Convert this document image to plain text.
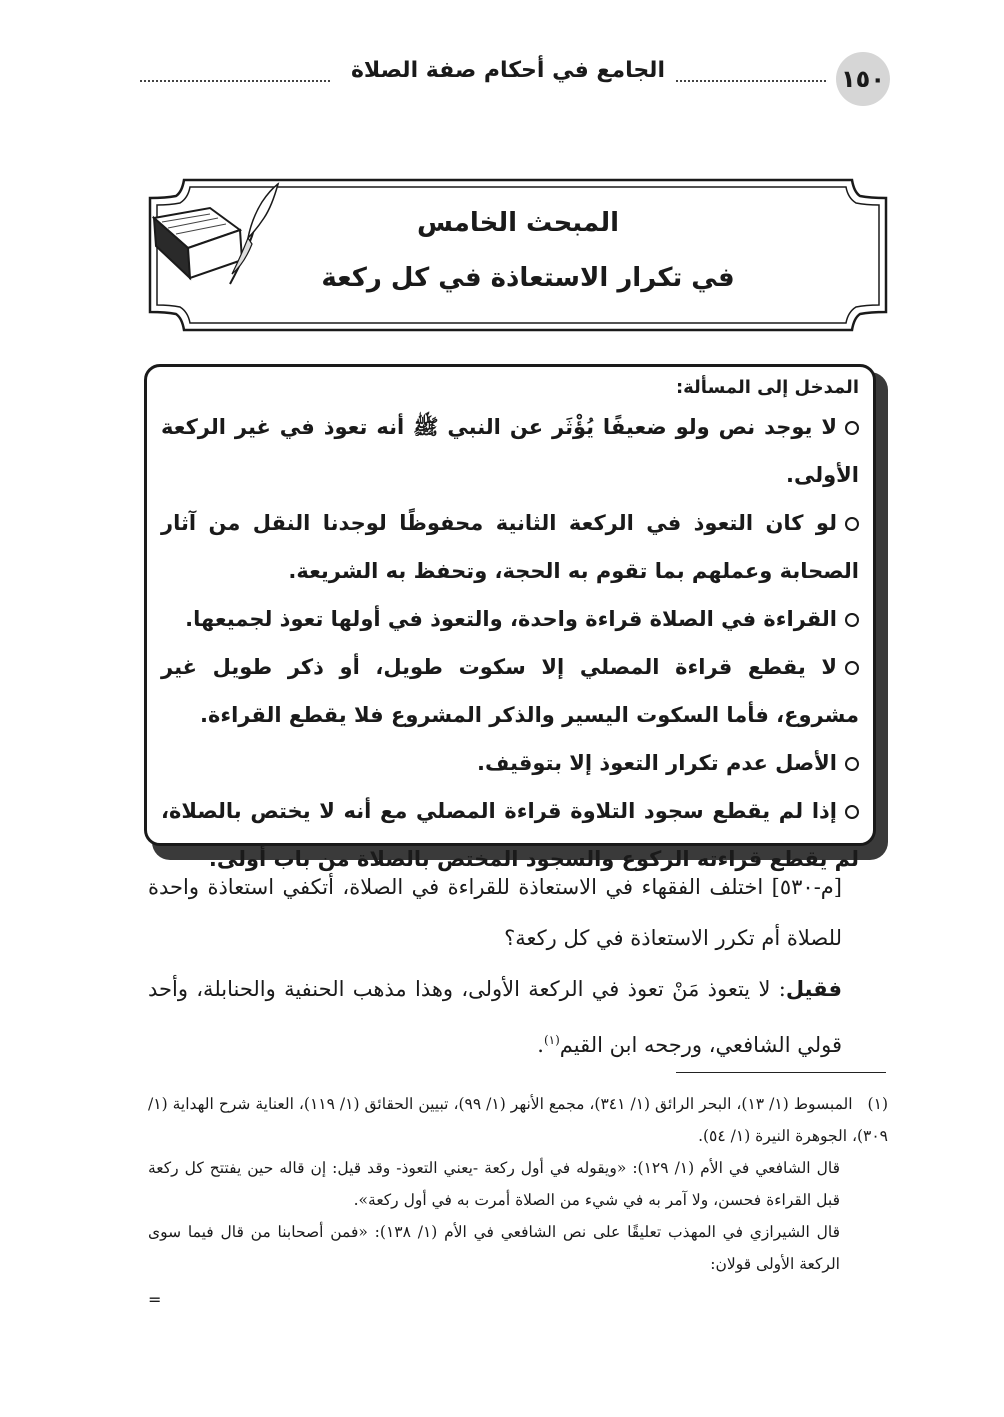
١٥٠
الجامع في أحكام صفة الصلاة
المبحث الخامس
في تكرار الاستعاذة في كل ركعة
المدخل إلى المسألة:

لا يوجد نص ولو ضعيفًا يُؤْثَر عن النبي ﷺ أنه تعوذ في غير الركعة الأولى.

لو كان التعوذ في الركعة الثانية محفوظًا لوجدنا النقل من آثار الصحابة وعملهم بما تقوم به الحجة، وتحفظ به الشريعة.

القراءة في الصلاة قراءة واحدة، والتعوذ في أولها تعوذ لجميعها.

لا يقطع قراءة المصلي إلا سكوت طويل، أو ذكر طويل غير مشروع، فأما السكوت اليسير والذكر المشروع فلا يقطع القراءة.

الأصل عدم تكرار التعوذ إلا بتوقيف.

إذا لم يقطع سجود التلاوة قراءة المصلي مع أنه لا يختص بالصلاة، لم يقطع قراءته الركوع والسجود المختص بالصلاة من باب أولى.

[م-٥٣٠] اختلف الفقهاء في الاستعاذة للقراءة في الصلاة، أتكفي استعاذة واحدة للصلاة أم تكرر الاستعاذة في كل ركعة؟

فقيل: لا يتعوذ مَنْ تعوذ في الركعة الأولى، وهذا مذهب الحنفية والحنابلة، وأحد قولي الشافعي، ورجحه ابن القيم$^{(١)}$.

(١)   المبسوط (١/ ١٣)، البحر الرائق (١/ ٣٤١)، مجمع الأنهر (١/ ٩٩)، تبيين الحقائق (١/ ١١٩)، العناية شرح الهداية (١/ ٣٠٩)، الجوهرة النيرة (١/ ٥٤).

قال الشافعي في الأم (١/ ١٢٩): «ويقوله في أول ركعة -يعني التعوذ- وقد قيل: إن قاله حين يفتتح كل ركعة قبل القراءة فحسن، ولا آمر به في شيء من الصلاة أمرت به في أول ركعة».

قال الشيرازي في المهذب تعليقًا على نص الشافعي في الأم (١/ ١٣٨): «فمن أصحابنا من قال فيما سوى الركعة الأولى قولان:

=
